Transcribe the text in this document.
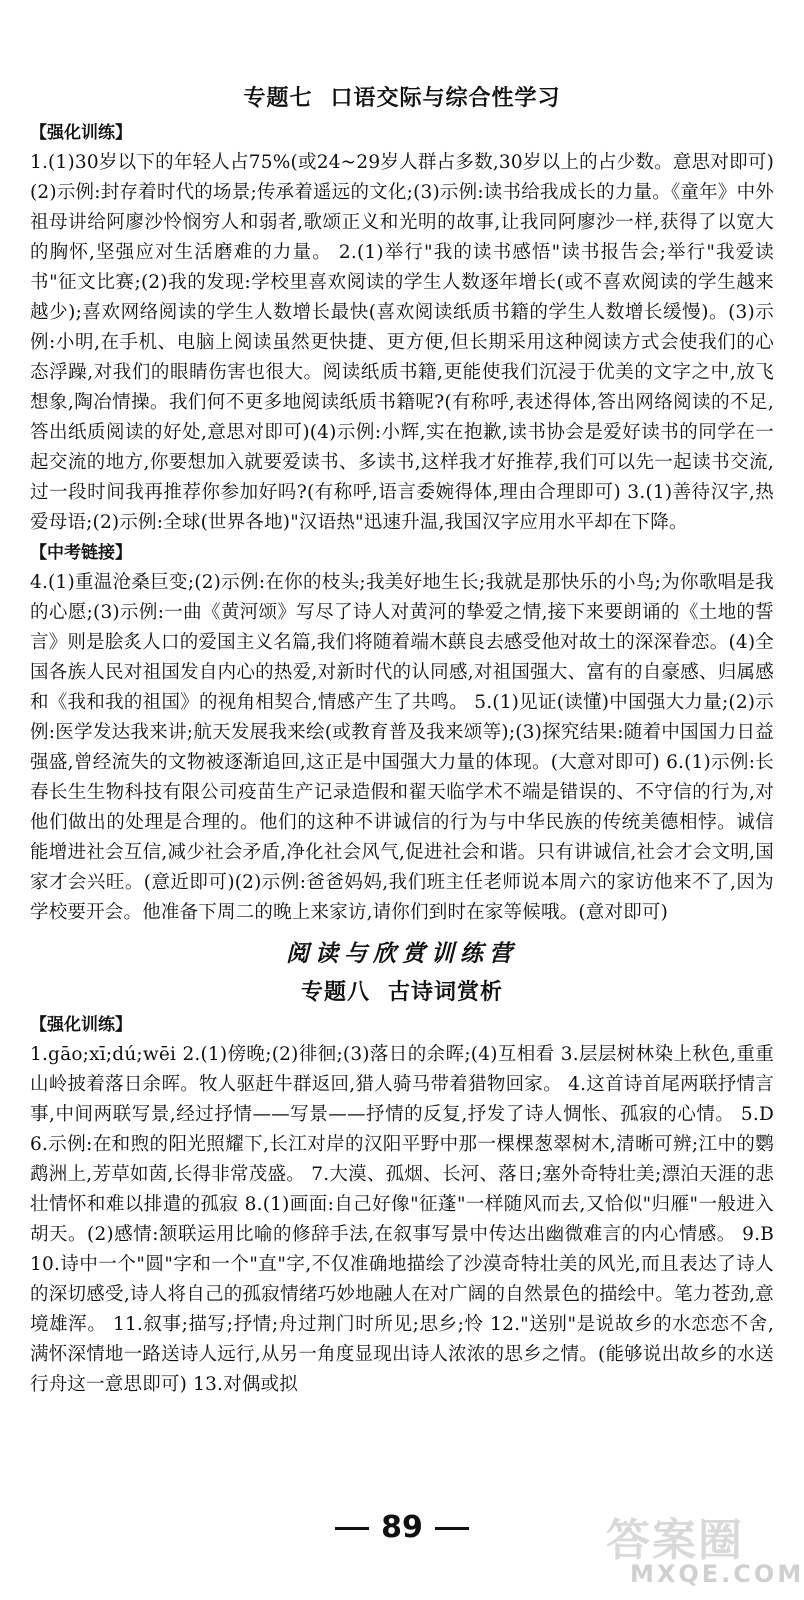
专题七 口语交际与综合性学习

【强化训练】

1.(1)30岁以下的年轻人占75%(或24~29岁人群占多数,30岁以上的占少数。意思对即可)(2)示例:封存着时代的场景;传承着遥远的文化;(3)示例:读书给我成长的力量。《童年》中外祖母讲给阿廖沙怜悯穷人和弱者,歌颂正义和光明的故事,让我同阿廖沙一样,获得了以宽大的胸怀,坚强应对生活磨难的力量。 2.(1)举行"我的读书感悟"读书报告会;举行"我爱读书"征文比赛;(2)我的发现:学校里喜欢阅读的学生人数逐年增长(或不喜欢阅读的学生越来越少);喜欢网络阅读的学生人数增长最快(喜欢阅读纸质书籍的学生人数增长缓慢)。(3)示例:小明,在手机、电脑上阅读虽然更快捷、更方便,但长期采用这种阅读方式会使我们的心态浮躁,对我们的眼睛伤害也很大。阅读纸质书籍,更能使我们沉浸于优美的文字之中,放飞想象,陶冶情操。我们何不更多地阅读纸质书籍呢?(有称呼,表述得体,答出网络阅读的不足,答出纸质阅读的好处,意思对即可)(4)示例:小辉,实在抱歉,读书协会是爱好读书的同学在一起交流的地方,你要想加入就要爱读书、多读书,这样我才好推荐,我们可以先一起读书交流,过一段时间我再推荐你参加好吗?(有称呼,语言委婉得体,理由合理即可) 3.(1)善待汉字,热爱母语;(2)示例:全球(世界各地)"汉语热"迅速升温,我国汉字应用水平却在下降。

【中考链接】

4.(1)重温沧桑巨变;(2)示例:在你的枝头;我美好地生长;我就是那快乐的小鸟;为你歌唱是我的心愿;(3)示例:一曲《黄河颂》写尽了诗人对黄河的挚爱之情,接下来要朗诵的《土地的誓言》则是脍炙人口的爱国主义名篇,我们将随着端木蕻良去感受他对故土的深深眷恋。(4)全国各族人民对祖国发自内心的热爱,对新时代的认同感,对祖国强大、富有的自豪感、归属感和《我和我的祖国》的视角相契合,情感产生了共鸣。 5.(1)见证(读懂)中国强大力量;(2)示例:医学发达我来讲;航天发展我来绘(或教育普及我来颂等);(3)探究结果:随着中国国力日益强盛,曾经流失的文物被逐渐追回,这正是中国强大力量的体现。(大意对即可) 6.(1)示例:长春长生生物科技有限公司疫苗生产记录造假和翟天临学术不端是错误的、不守信的行为,对他们做出的处理是合理的。他们的这种不讲诚信的行为与中华民族的传统美德相悖。诚信能增进社会互信,减少社会矛盾,净化社会风气,促进社会和谐。只有讲诚信,社会才会文明,国家才会兴旺。(意近即可)(2)示例:爸爸妈妈,我们班主任老师说本周六的家访他来不了,因为学校要开会。他准备下周二的晚上来家访,请你们到时在家等候哦。(意对即可)

阅读与欣赏训练营
专题八 古诗词赏析

【强化训练】

1.gāo;xī;dú;wēi 2.(1)傍晚;(2)徘徊;(3)落日的余晖;(4)互相看 3.层层树林染上秋色,重重山岭披着落日余晖。牧人驱赶牛群返回,猎人骑马带着猎物回家。 4.这首诗首尾两联抒情言事,中间两联写景,经过抒情——写景——抒情的反复,抒发了诗人惆怅、孤寂的心情。 5.D 6.示例:在和煦的阳光照耀下,长江对岸的汉阳平野中那一棵棵葱翠树木,清晰可辨;江中的鹦鹉洲上,芳草如茵,长得非常茂盛。 7.大漠、孤烟、长河、落日;塞外奇特壮美;漂泊天涯的悲壮情怀和难以排遣的孤寂 8.(1)画面:自己好像"征蓬"一样随风而去,又恰似"归雁"一般进入胡天。(2)感情:颔联运用比喻的修辞手法,在叙事写景中传达出幽微难言的内心情感。 9.B 10.诗中一个"圆"字和一个"直"字,不仅准确地描绘了沙漠奇特壮美的风光,而且表达了诗人的深切感受,诗人将自己的孤寂情绪巧妙地融人在对广阔的自然景色的描绘中。笔力苍劲,意境雄浑。 11.叙事;描写;抒情;舟过荆门时所见;思乡;怜 12."送别"是说故乡的水恋恋不舍,满怀深情地一路送诗人远行,从另一角度显现出诗人浓浓的思乡之情。(能够说出故乡的水送行舟这一意思即可) 13.对偶或拟

89	答案圈
MXQE.COM
